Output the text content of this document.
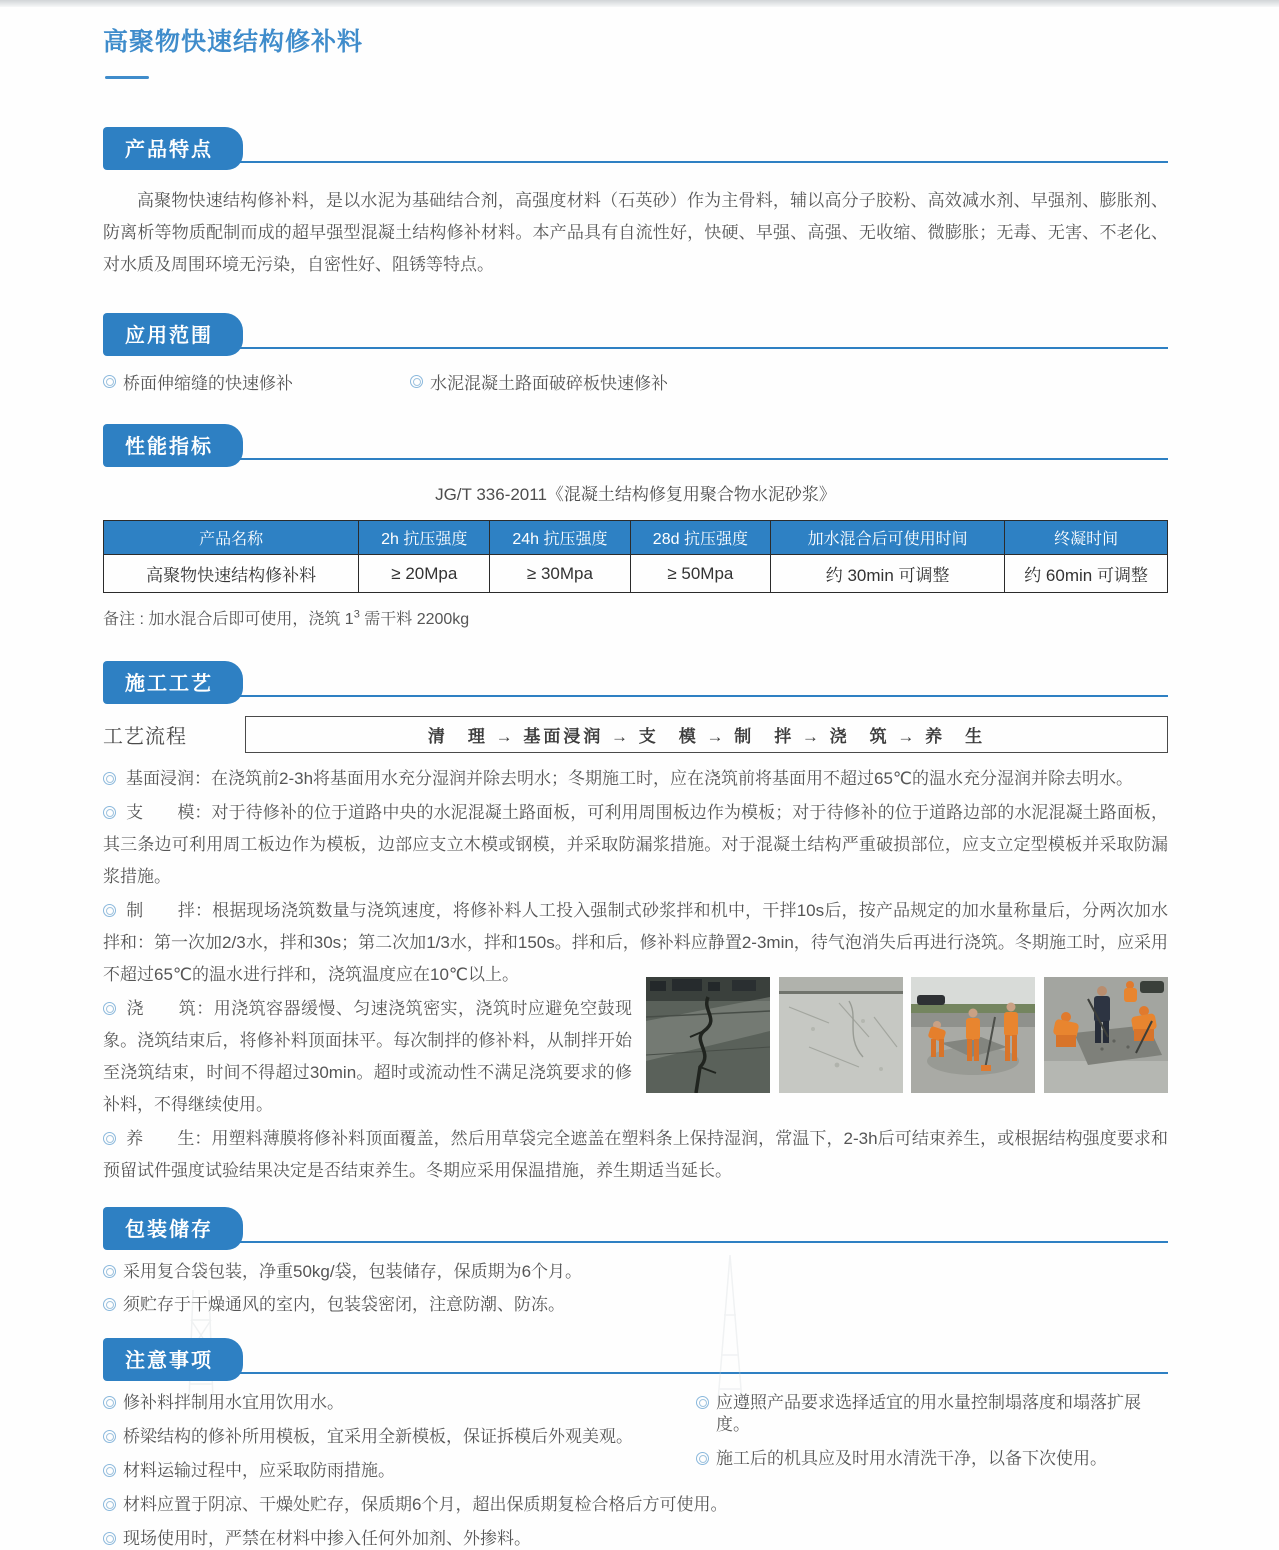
高聚物快速结构修补料
产品特点

高聚物快速结构修补料，是以水泥为基础结合剂，高强度材料（石英砂）作为主骨料，辅以高分子胶粉、高效减水剂、早强剂、膨胀剂、防离析等物质配制而成的超早强型混凝土结构修补材料。本产品具有自流性好，快硬、早强、高强、无收缩、微膨胀；无毒、无害、不老化、对水质及周围环境无污染，自密性好、阻锈等特点。

应用范围
桥面伸缩缝的快速修补	水泥混凝土路面破碎板快速修补
性能指标
JG/T 336-2011《混凝土结构修复用聚合物水泥砂浆》
产品名称	2h 抗压强度	24h 抗压强度	28d 抗压强度	加水混合后可使用时间	终凝时间
高聚物快速结构修补料	≥ 20Mpa	≥ 30Mpa	≥ 50Mpa	约 30min 可调整	约 60min 可调整
备注 : 加水混合后即可使用，浇筑 $1^3$ 需干料 2200kg
施工工艺
工艺流程	清　理 → 基面浸润 → 支　模 → 制　拌 → 浇　筑 → 养　生
基面浸润：在浇筑前2-3h将基面用水充分湿润并除去明水；冬期施工时，应在浇筑前将基面用不超过65℃的温水充分湿润并除去明水。
支　　模：对于待修补的位于道路中央的水泥混凝土路面板，可利用周围板边作为模板；对于待修补的位于道路边部的水泥混凝土路面板，其三条边可利用周工板边作为模板，边部应支立木模或钢模，并采取防漏浆措施。对于混凝土结构严重破损部位，应支立定型模板并采取防漏浆措施。
制　　拌：根据现场浇筑数量与浇筑速度，将修补料人工投入强制式砂浆拌和机中，干拌10s后，按产品规定的加水量称量后，分两次加水拌和：第一次加2/3水，拌和30s；第二次加1/3水，拌和150s。拌和后，修补料应静置2-3min，待气泡消失后再进行浇筑。冬期施工时，应采用不超过65℃的温水进行拌和，浇筑温度应在10℃以上。
浇　　筑：用浇筑容器缓慢、匀速浇筑密实，浇筑时应避免空鼓现象。浇筑结束后，将修补料顶面抹平。每次制拌的修补料，从制拌开始至浇筑结束，时间不得超过30min。超时或流动性不满足浇筑要求的修补料，不得继续使用。
养　　生：用塑料薄膜将修补料顶面覆盖，然后用草袋完全遮盖在塑料条上保持湿润，常温下，2-3h后可结束养生，或根据结构强度要求和预留试件强度试验结果决定是否结束养生。冬期应采用保温措施，养生期适当延长。
包装储存
采用复合袋包装，净重50kg/袋，包装储存，保质期为6个月。
须贮存于干燥通风的室内，包装袋密闭，注意防潮、防冻。
注意事项
修补料拌制用水宜用饮用水。
桥梁结构的修补所用模板，宜采用全新模板，保证拆模后外观美观。
材料运输过程中，应采取防雨措施。
材料应置于阴凉、干燥处贮存，保质期6个月，超出保质期复检合格后方可使用。
现场使用时，严禁在材料中掺入任何外加剂、外掺料。
应遵照产品要求选择适宜的用水量控制塌落度和塌落扩展度。
施工后的机具应及时用水清洗干净，以备下次使用。
